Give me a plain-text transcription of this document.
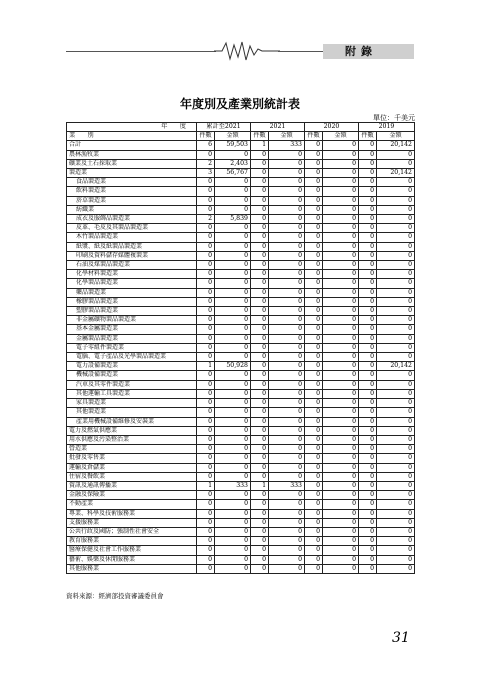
附錄
年度別及產業別統計表
單位：千美元
年　　度	累計至2021		2021		2020		2019	
業　　別	件數	金額	件數	金額	件數	金額	件數	金額
合計	6	59,503	1	333	0	0	0	20,142
農林漁牧業	0	0	0	0	0	0	0	0
礦業及土石採取業	2	2,403	0	0	0	0	0	0
製造業	3	56,767	0	0	0	0	0	20,142
食品製造業	0	0	0	0	0	0	0	0
飲料製造業	0	0	0	0	0	0	0	0
菸草製造業	0	0	0	0	0	0	0	0
紡織業	0	0	0	0	0	0	0	0
成衣及服飾品製造業	2	5,839	0	0	0	0	0	0
皮革、毛皮及其製品製造業	0	0	0	0	0	0	0	0
木竹製品製造業	0	0	0	0	0	0	0	0
紙漿、紙及紙製品製造業	0	0	0	0	0	0	0	0
印刷及資料儲存媒體複製業	0	0	0	0	0	0	0	0
石油及煤製品製造業	0	0	0	0	0	0	0	0
化學材料製造業	0	0	0	0	0	0	0	0
化學製品製造業	0	0	0	0	0	0	0	0
藥品製造業	0	0	0	0	0	0	0	0
橡膠製品製造業	0	0	0	0	0	0	0	0
塑膠製品製造業	0	0	0	0	0	0	0	0
非金屬礦物製品製造業	0	0	0	0	0	0	0	0
基本金屬製造業	0	0	0	0	0	0	0	0
金屬製品製造業	0	0	0	0	0	0	0	0
電子零組件製造業	0	0	0	0	0	0	0	0
電腦、電子產品及光學製品製造業	0	0	0	0	0	0	0	0
電力設備製造業	1	50,928	0	0	0	0	0	20,142
機械設備製造業	0	0	0	0	0	0	0	0
汽車及其零件製造業	0	0	0	0	0	0	0	0
其他運輸工具製造業	0	0	0	0	0	0	0	0
家具製造業	0	0	0	0	0	0	0	0
其他製造業	0	0	0	0	0	0	0	0
產業用機械設備維修及安裝業	0	0	0	0	0	0	0	0
電力及燃氣供應業	0	0	0	0	0	0	0	0
用水供應及污染整治業	0	0	0	0	0	0	0	0
營造業	0	0	0	0	0	0	0	0
批發及零售業	0	0	0	0	0	0	0	0
運輸及倉儲業	0	0	0	0	0	0	0	0
住宿及餐飲業	0	0	0	0	0	0	0	0
資訊及通訊傳播業	1	333	1	333	0	0	0	0
金融及保險業	0	0	0	0	0	0	0	0
不動產業	0	0	0	0	0	0	0	0
專業、科學及技術服務業	0	0	0	0	0	0	0	0
支援服務業	0	0	0	0	0	0	0	0
公共行政及國防；強制性社會安全	0	0	0	0	0	0	0	0
教育服務業	0	0	0	0	0	0	0	0
醫療保健及社會工作服務業	0	0	0	0	0	0	0	0
藝術、娛樂及休閒服務業	0	0	0	0	0	0	0	0
其他服務業	0	0	0	0	0	0	0	0
資料來源：經濟部投資審議委員會
31
